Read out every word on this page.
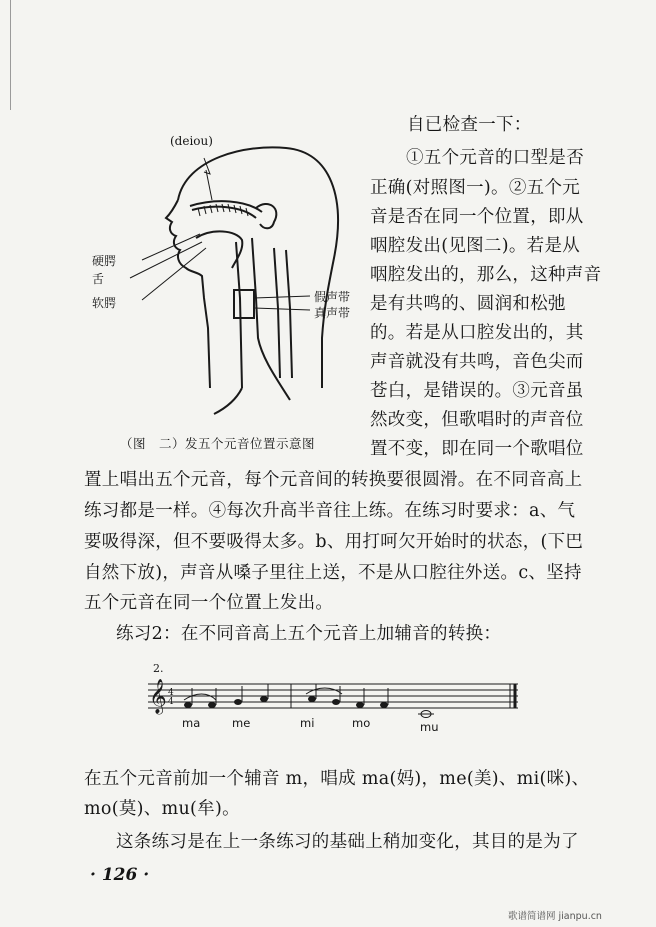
(deiou)
硬腭
舌
软腭	假声带
真声带
（图　二）发五个元音位置示意图
自已检查一下：
①五个元音的口型是否
正确(对照图一)。②五个元
音是否在同一个位置，即从
咽腔发出(见图二)。若是从
咽腔发出的，那么，这种声音
是有共鸣的、圆润和松弛
的。若是从口腔发出的，其
声音就没有共鸣，音色尖而
苍白，是错误的。③元音虽
然改变，但歌唱时的声音位
置不变，即在同一个歌唱位
置上唱出五个元音，每个元音间的转换要很圆滑。在不同音高上
练习都是一样。④每次升高半音往上练。在练习时要求：a、气
要吸得深，但不要吸得太多。b、用打呵欠开始时的状态，(下巴
自然下放)，声音从嗓子里往上送，不是从口腔往外送。c、坚持
五个元音在同一个位置上发出。
练习2：在不同音高上五个元音上加辅音的转换：
𝄞 4
4
2.
ma	me	mi	mo	mu
在五个元音前加一个辅音 m，唱成 ma(妈)，me(美)、mi(咪)、
mo(莫)、mu(牟)。
这条练习是在上一条练习的基础上稍加变化，其目的是为了
· 126 ·
歌谱简谱网 jianpu.cn
